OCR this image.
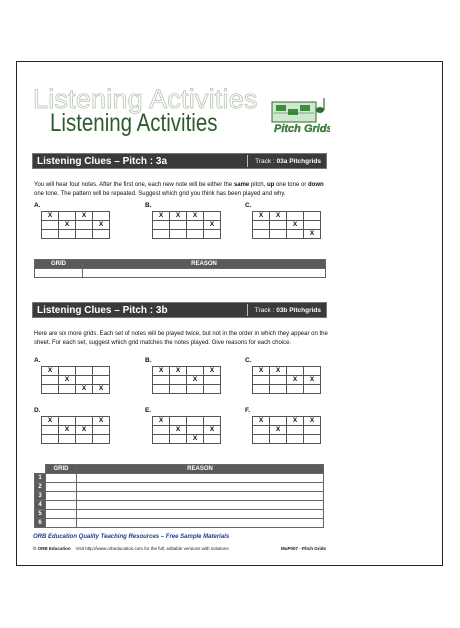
Listening Activities
Listening Activities	Pitch Grids
Listening Clues – Pitch : 3a	Track : 03a Pitchgrids
You will hear four notes. After the first one, each new note will be either the same pitch, up one tone or down one tone. The pattern will be repeated. Suggest which grid you think has been played and why.
A.
X		X	
	X		X

B.
X	X	X	
			X

C.
X	X		
		X	
			X
GRID	REASON

Listening Clues – Pitch : 3b	Track : 03b Pitchgrids
Here are six more grids. Each set of notes will be played twice, but not in the order in which they appear on the sheet. For each set, suggest which grid matches the notes played. Give reasons for each choice.
A.
X			
	X		
		X	X
B.
X	X		X
		X	

C.
X	X		
		X	X

D.
X			X
	X	X	

E.
X			
	X		X
		X	
F.
X		X	X
	X		

	GRID	REASON
1		
2		
3		
4		
5		
6		
ORB Education Quality Teaching Resources – Free Sample Materials
© ORB Education Visit http://www.orbeducation.com for the full, editable versions with solutions	MuP007 - Pitch Grids
